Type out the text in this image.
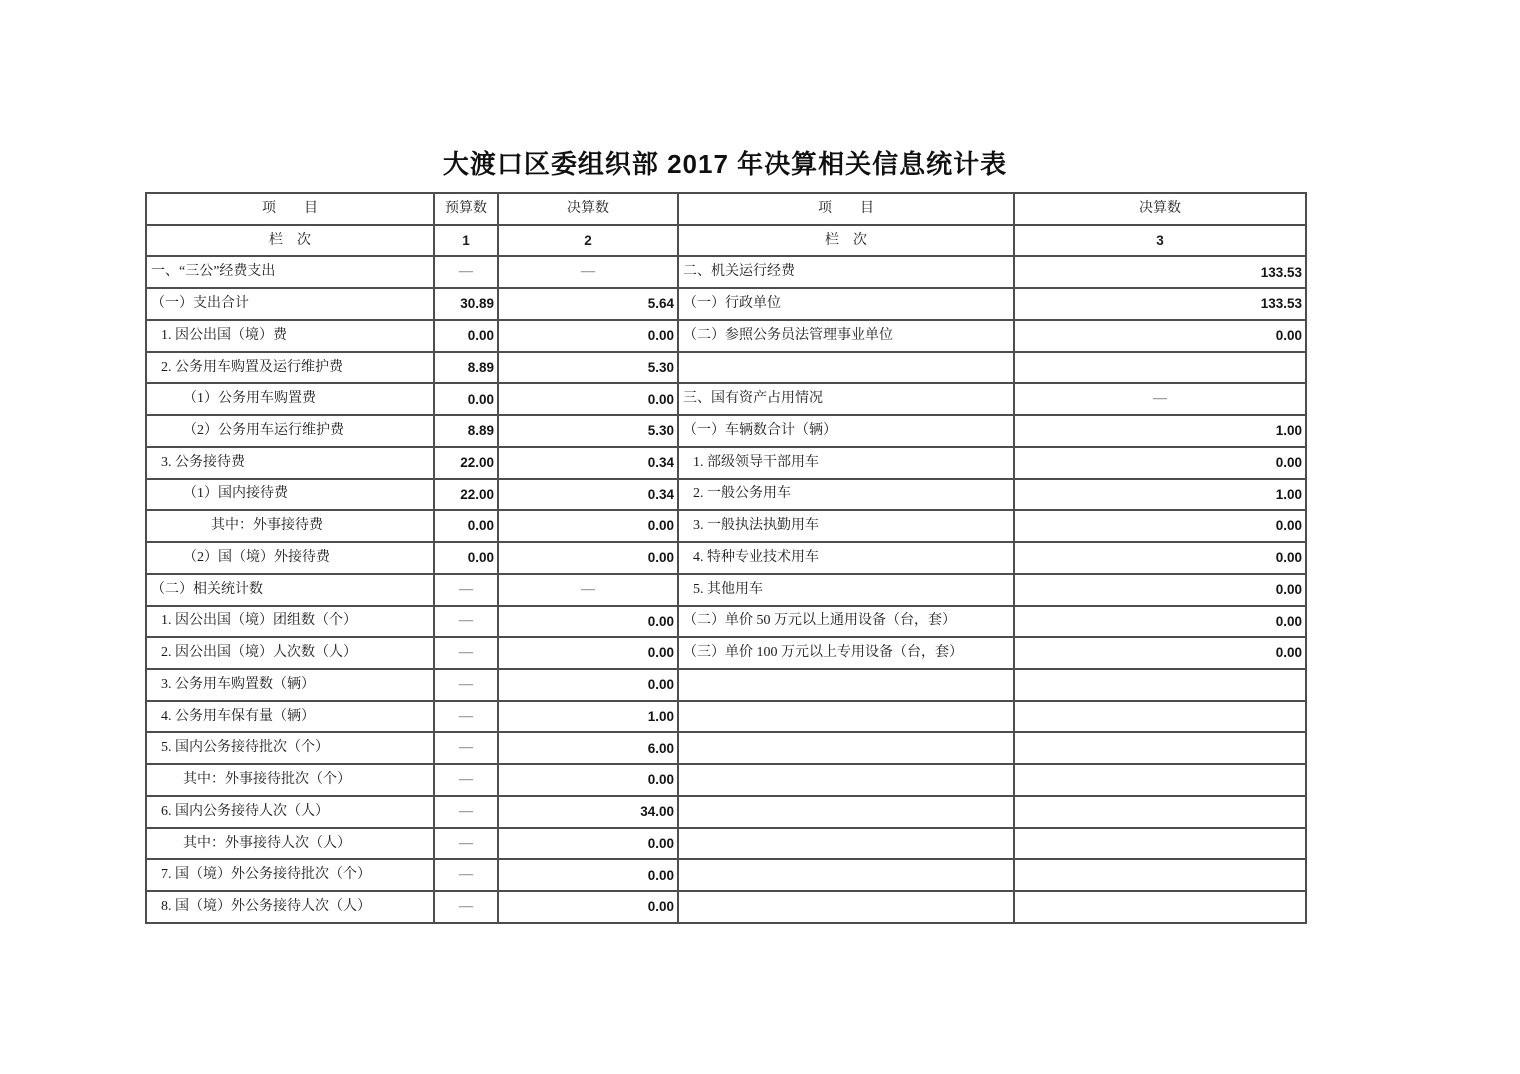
大渡口区委组织部 2017 年决算相关信息统计表
项　　目	预算数	决算数	项　　目	决算数
栏　次	1	2	栏　次	3
一、“三公”经费支出	—	—	二、机关运行经费	133.53
（一）支出合计	30.89	5.64	（一）行政单位	133.53
1. 因公出国（境）费	0.00	0.00	（二）参照公务员法管理事业单位	0.00
2. 公务用车购置及运行维护费	8.89	5.30		
（1）公务用车购置费	0.00	0.00	三、国有资产占用情况	—
（2）公务用车运行维护费	8.89	5.30	（一）车辆数合计（辆）	1.00
3. 公务接待费	22.00	0.34	1. 部级领导干部用车	0.00
（1）国内接待费	22.00	0.34	2. 一般公务用车	1.00
其中：外事接待费	0.00	0.00	3. 一般执法执勤用车	0.00
（2）国（境）外接待费	0.00	0.00	4. 特种专业技术用车	0.00
（二）相关统计数	—	—	5. 其他用车	0.00
1. 因公出国（境）团组数（个）	—	0.00	（二）单价 50 万元以上通用设备（台，套）	0.00
2. 因公出国（境）人次数（人）	—	0.00	（三）单价 100 万元以上专用设备（台，套）	0.00
3. 公务用车购置数（辆）	—	0.00		
4. 公务用车保有量（辆）	—	1.00		
5. 国内公务接待批次（个）	—	6.00		
其中：外事接待批次（个）	—	0.00		
6. 国内公务接待人次（人）	—	34.00		
其中：外事接待人次（人）	—	0.00		
7. 国（境）外公务接待批次（个）	—	0.00		
8. 国（境）外公务接待人次（人）	—	0.00		
